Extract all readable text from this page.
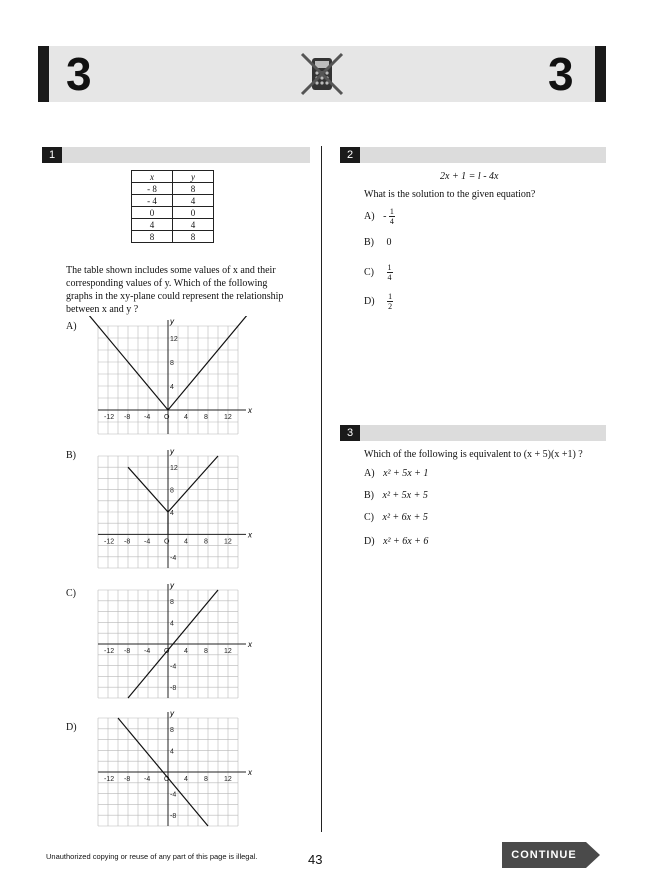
3	3
1
x	y
- 8	8
- 4	4
0	0
4	4
8	8
The table shown includes some values of x and their
corresponding values of y. Which of the following
graphs in the xy-plane could represent the relationship
between x and y ?
A)
B)
C)
D)
x
y
-12 -8 -4 O 4 8 12
12
8
4
x
y
-12 -8 -4 O 4 8 12
12
8
4
-4
x
y
-12 -8 -4 O 4 8 12
8
4
-4
-8
x
y
-12 -8 -4 O 4 8 12
8
4
-4
-8
2
2x + 1 = l - 4x
What is the solution to the given equation?
$A) - \frac{1}{4}$
B) 0
$C) \frac{1}{4}$
$D) \frac{1}{2}$
3
Which of the following is equivalent to (x + 5)(x +1) ?
A) x² + 5x + 1
B) x² + 5x + 5
C) x² + 6x + 5
D) x² + 6x + 6
Unauthorized copying or reuse of any part of this page is illegal.	43	CONTINUE
